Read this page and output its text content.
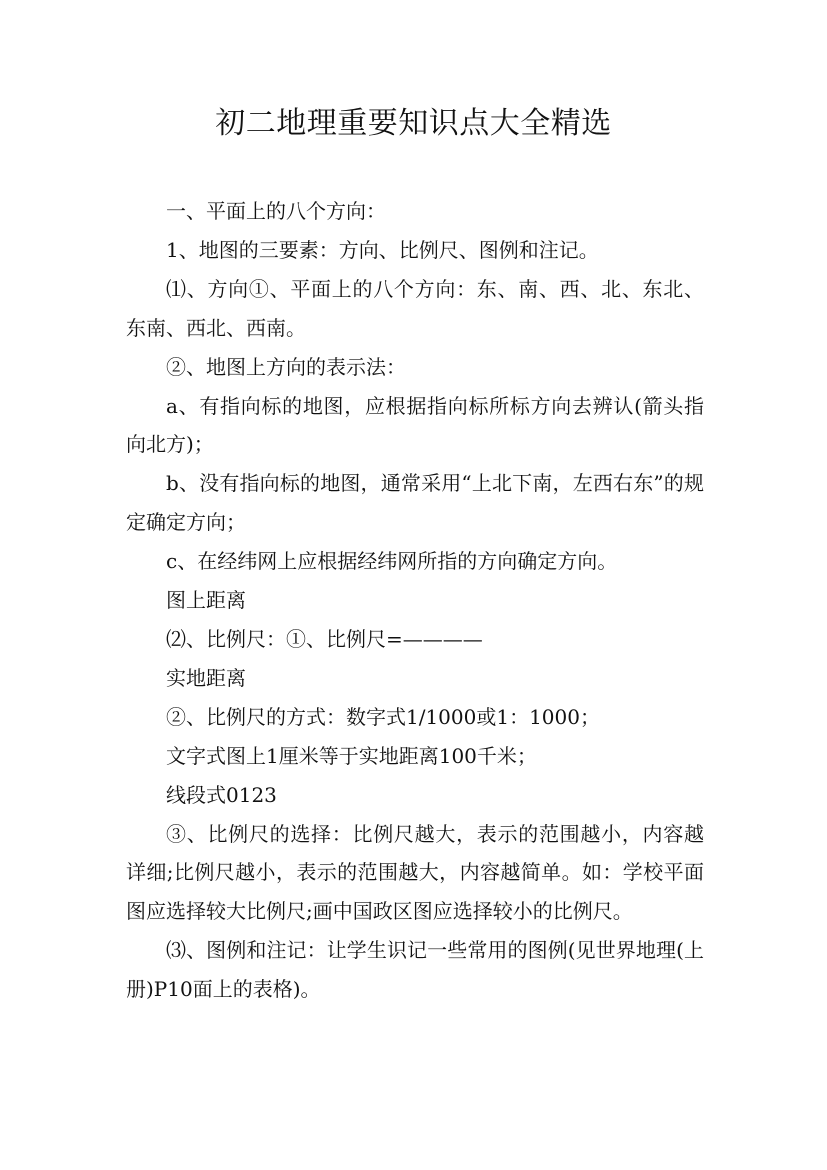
初二地理重要知识点大全精选

一、平面上的八个方向：

1、地图的三要素：方向、比例尺、图例和注记。

⑴、方向①、平面上的八个方向：东、南、西、北、东北、东南、西北、西南。

②、地图上方向的表示法：

a、有指向标的地图，应根据指向标所标方向去辨认(箭头指向北方)；

b、没有指向标的地图，通常采用“上北下南，左西右东”的规定确定方向；

c、在经纬网上应根据经纬网所指的方向确定方向。

图上距离

⑵、比例尺：①、比例尺=————

实地距离

②、比例尺的方式：数字式1/1000或1：1000；

文字式图上1厘米等于实地距离100千米；

线段式0123

③、比例尺的选择：比例尺越大，表示的范围越小，内容越详细;比例尺越小，表示的范围越大，内容越简单。如：学校平面图应选择较大比例尺;画中国政区图应选择较小的比例尺。

⑶、图例和注记：让学生识记一些常用的图例(见世界地理(上册)P10面上的表格)。
